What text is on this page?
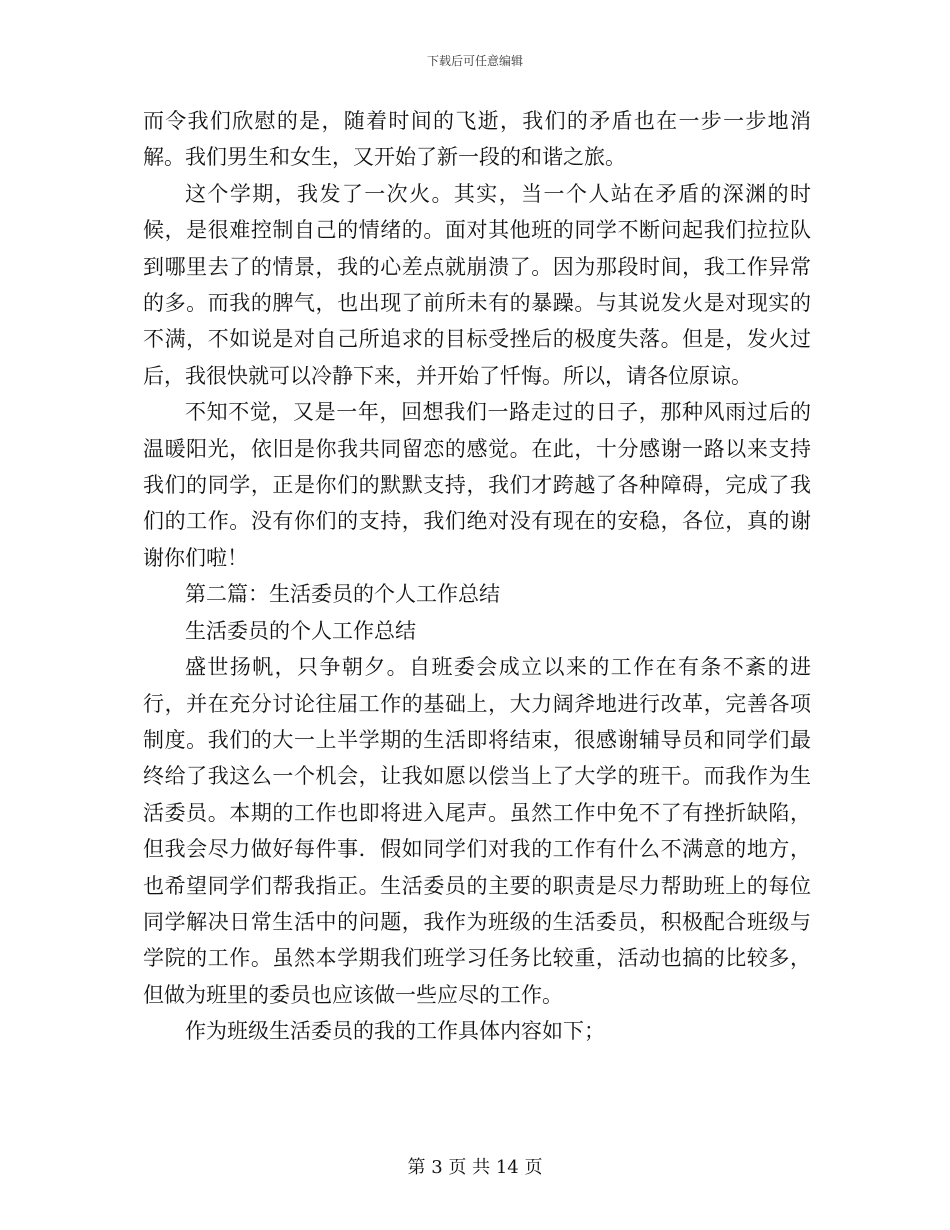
下载后可任意编辑

而令我们欣慰的是，随着时间的飞逝，我们的矛盾也在一步一步地消解。我们男生和女生，又开始了新一段的和谐之旅。

这个学期，我发了一次火。其实，当一个人站在矛盾的深渊的时候，是很难控制自己的情绪的。面对其他班的同学不断问起我们拉拉队到哪里去了的情景，我的心差点就崩溃了。因为那段时间，我工作异常的多。而我的脾气，也出现了前所未有的暴躁。与其说发火是对现实的不满，不如说是对自己所追求的目标受挫后的极度失落。但是，发火过后，我很快就可以冷静下来，并开始了忏悔。所以，请各位原谅。

不知不觉，又是一年，回想我们一路走过的日子，那种风雨过后的温暖阳光，依旧是你我共同留恋的感觉。在此，十分感谢一路以来支持我们的同学，正是你们的默默支持，我们才跨越了各种障碍，完成了我们的工作。没有你们的支持，我们绝对没有现在的安稳，各位，真的谢谢你们啦！

第二篇：生活委员的个人工作总结

生活委员的个人工作总结

盛世扬帆，只争朝夕。自班委会成立以来的工作在有条不紊的进行，并在充分讨论往届工作的基础上，大力阔斧地进行改革，完善各项制度。我们的大一上半学期的生活即将结束，很感谢辅导员和同学们最终给了我这么一个机会，让我如愿以偿当上了大学的班干。而我作为生活委员。本期的工作也即将进入尾声。虽然工作中免不了有挫折缺陷，但我会尽力做好每件事．假如同学们对我的工作有什么不满意的地方，也希望同学们帮我指正。生活委员的主要的职责是尽力帮助班上的每位同学解决日常生活中的问题，我作为班级的生活委员，积极配合班级与学院的工作。虽然本学期我们班学习任务比较重，活动也搞的比较多，但做为班里的委员也应该做一些应尽的工作。

作为班级生活委员的我的工作具体内容如下；

第 3 页 共 14 页
